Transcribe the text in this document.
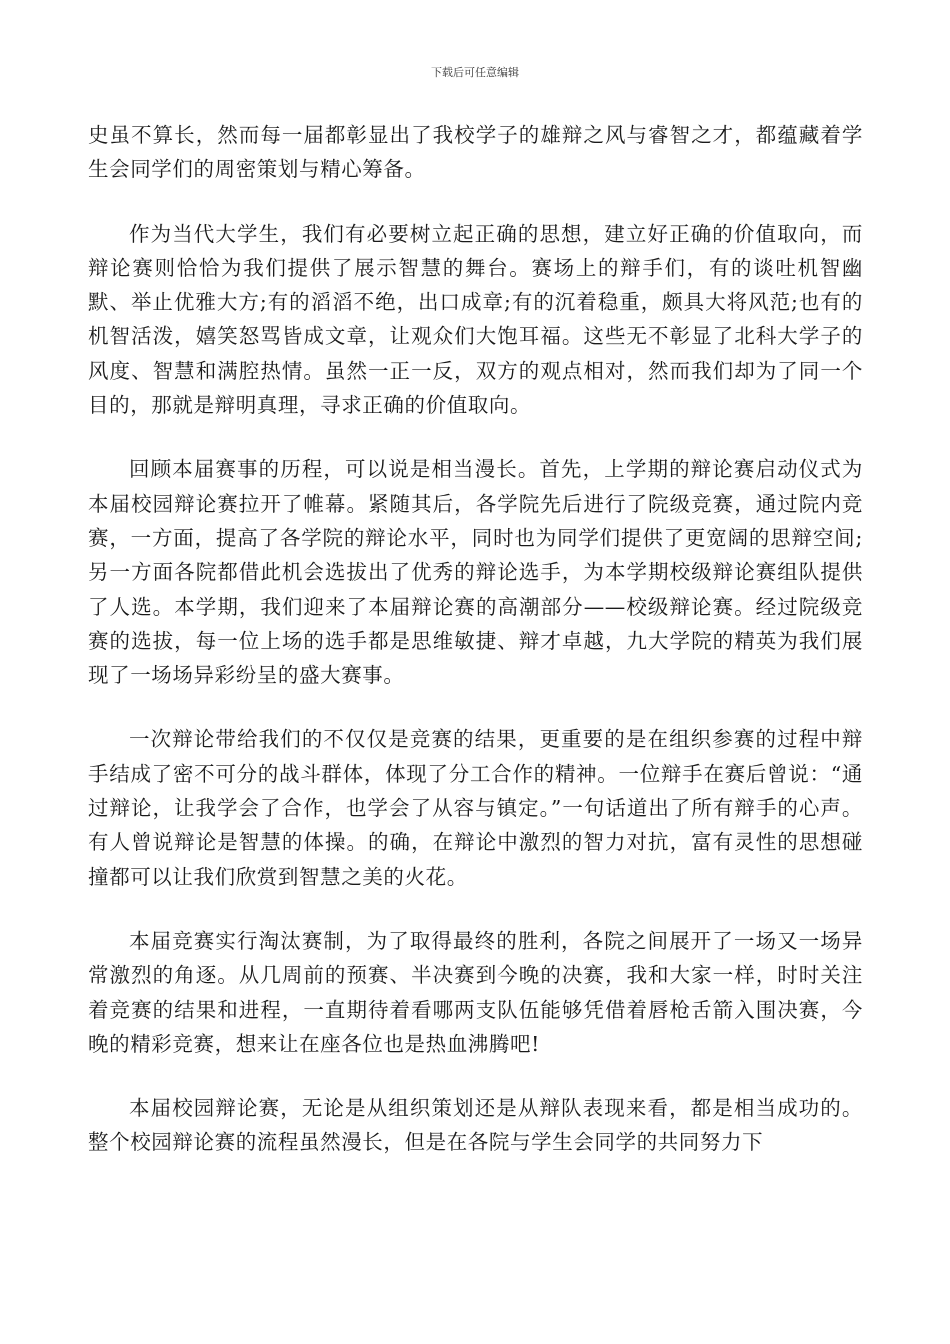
下载后可任意编辑

史虽不算长，然而每一届都彰显出了我校学子的雄辩之风与睿智之才，都蕴藏着学生会同学们的周密策划与精心筹备。

作为当代大学生，我们有必要树立起正确的思想，建立好正确的价值取向，而辩论赛则恰恰为我们提供了展示智慧的舞台。赛场上的辩手们，有的谈吐机智幽默、举止优雅大方;有的滔滔不绝，出口成章;有的沉着稳重，颇具大将风范;也有的机智活泼，嬉笑怒骂皆成文章，让观众们大饱耳福。这些无不彰显了北科大学子的风度、智慧和满腔热情。虽然一正一反，双方的观点相对，然而我们却为了同一个目的，那就是辩明真理，寻求正确的价值取向。

回顾本届赛事的历程，可以说是相当漫长。首先，上学期的辩论赛启动仪式为本届校园辩论赛拉开了帷幕。紧随其后，各学院先后进行了院级竞赛，通过院内竞赛，一方面，提高了各学院的辩论水平，同时也为同学们提供了更宽阔的思辩空间;另一方面各院都借此机会选拔出了优秀的辩论选手，为本学期校级辩论赛组队提供了人选。本学期，我们迎来了本届辩论赛的高潮部分——校级辩论赛。经过院级竞赛的选拔，每一位上场的选手都是思维敏捷、辩才卓越，九大学院的精英为我们展现了一场场异彩纷呈的盛大赛事。

一次辩论带给我们的不仅仅是竞赛的结果，更重要的是在组织参赛的过程中辩手结成了密不可分的战斗群体，体现了分工合作的精神。一位辩手在赛后曾说：“通过辩论，让我学会了合作，也学会了从容与镇定。”一句话道出了所有辩手的心声。有人曾说辩论是智慧的体操。的确，在辩论中激烈的智力对抗，富有灵性的思想碰撞都可以让我们欣赏到智慧之美的火花。

本届竞赛实行淘汰赛制，为了取得最终的胜利，各院之间展开了一场又一场异常激烈的角逐。从几周前的预赛、半决赛到今晚的决赛，我和大家一样，时时关注着竞赛的结果和进程，一直期待着看哪两支队伍能够凭借着唇枪舌箭入围决赛，今晚的精彩竞赛，想来让在座各位也是热血沸腾吧!

本届校园辩论赛，无论是从组织策划还是从辩队表现来看，都是相当成功的。整个校园辩论赛的流程虽然漫长，但是在各院与学生会同学的共同努力下
